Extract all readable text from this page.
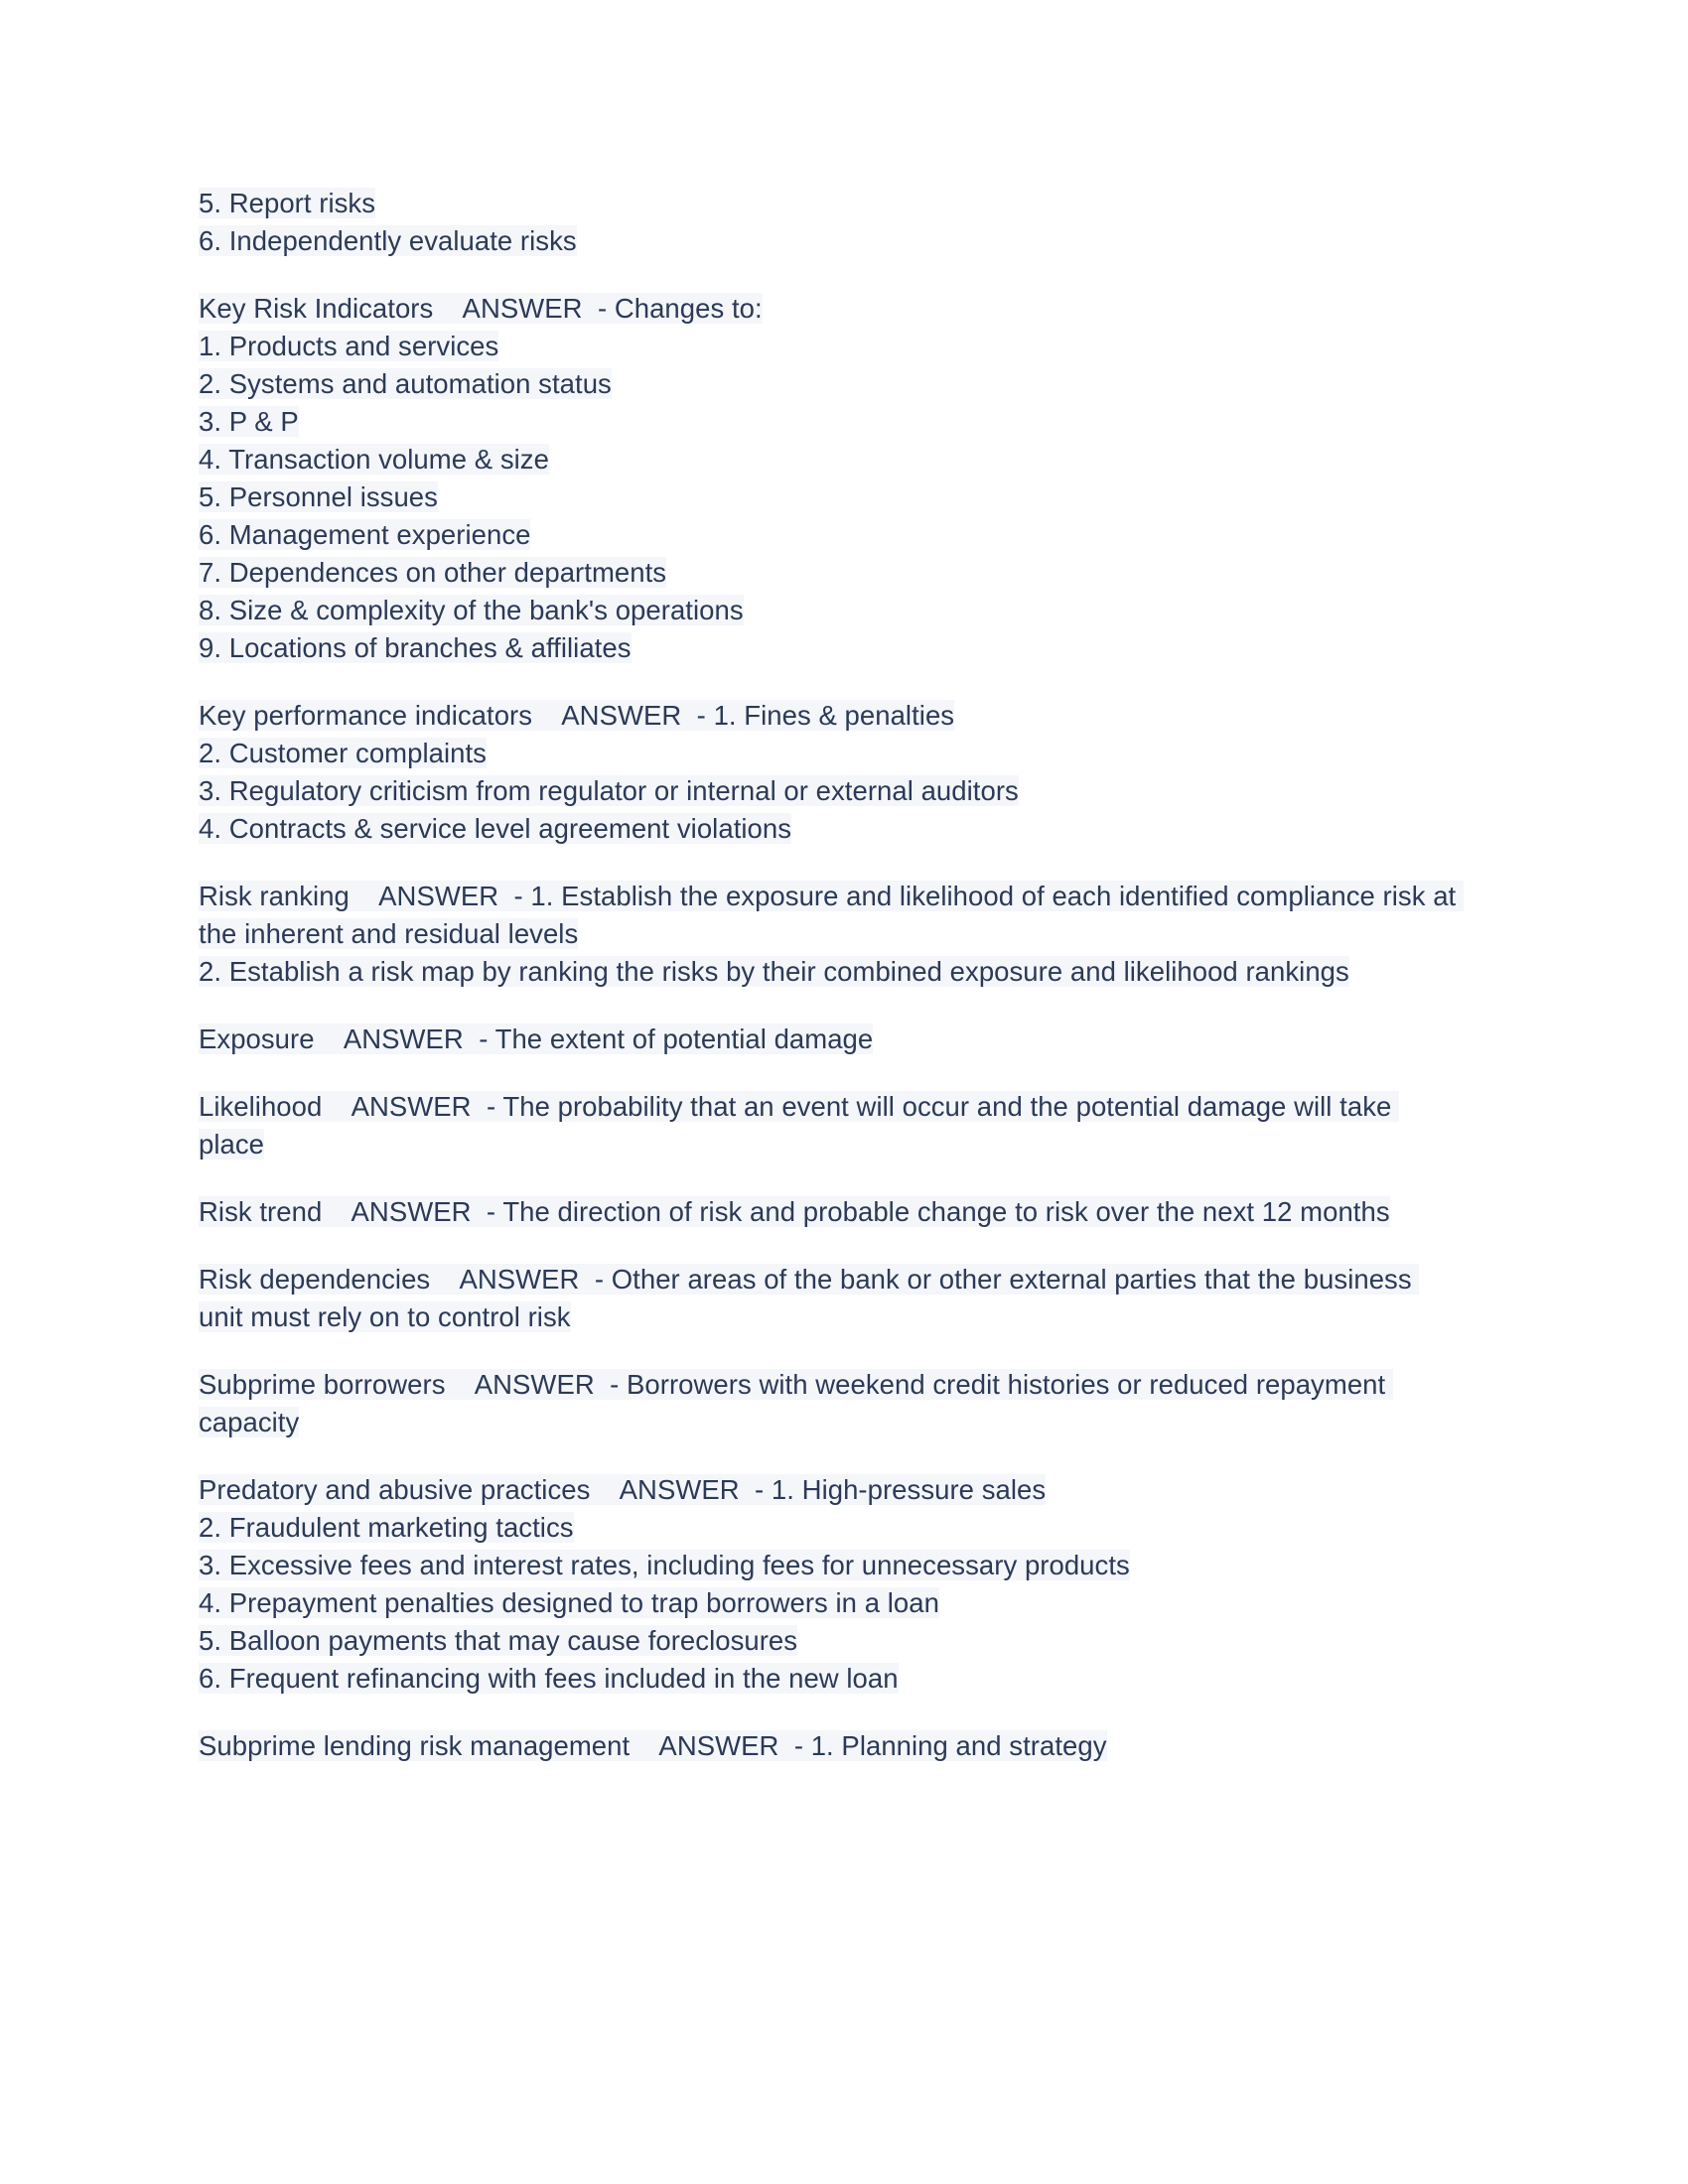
5. Report risks
6. Independently evaluate risks
Key Risk Indicators    ANSWER  - Changes to:
1. Products and services
2. Systems and automation status
3. P & P
4. Transaction volume & size
5. Personnel issues
6. Management experience
7. Dependences on other departments
8. Size & complexity of the bank's operations
9. Locations of branches & affiliates
Key performance indicators    ANSWER  - 1. Fines & penalties
2. Customer complaints
3. Regulatory criticism from regulator or internal or external auditors
4. Contracts & service level agreement violations
Risk ranking    ANSWER  - 1. Establish the exposure and likelihood of each identified compliance risk at the inherent and residual levels
2. Establish a risk map by ranking the risks by their combined exposure and likelihood rankings
Exposure    ANSWER  - The extent of potential damage
Likelihood    ANSWER  - The probability that an event will occur and the potential damage will take place
Risk trend    ANSWER  - The direction of risk and probable change to risk over the next 12 months
Risk dependencies    ANSWER  - Other areas of the bank or other external parties that the business unit must rely on to control risk
Subprime borrowers    ANSWER  - Borrowers with weekend credit histories or reduced repayment capacity
Predatory and abusive practices    ANSWER  - 1. High-pressure sales
2. Fraudulent marketing tactics
3. Excessive fees and interest rates, including fees for unnecessary products
4. Prepayment penalties designed to trap borrowers in a loan
5. Balloon payments that may cause foreclosures
6. Frequent refinancing with fees included in the new loan
Subprime lending risk management    ANSWER  - 1. Planning and strategy
